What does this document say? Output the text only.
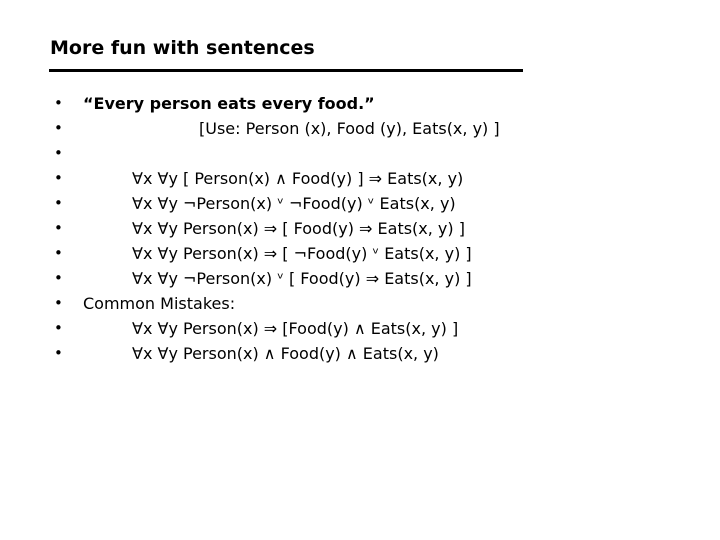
More fun with sentences
• “Every person eats every food.”
•	[Use: Person (x), Food (y), Eats(x, y) ]
•
•	∀x ∀y [ Person(x) ∧ Food(y) ] ⇒ Eats(x, y)
•	∀x ∀y ¬Person(x) ᵛ ¬Food(y) ᵛ Eats(x, y)
•	∀x ∀y Person(x) ⇒ [ Food(y) ⇒ Eats(x, y) ]
•	∀x ∀y Person(x) ⇒ [ ¬Food(y) ᵛ Eats(x, y) ]
•	∀x ∀y ¬Person(x) ᵛ [ Food(y) ⇒ Eats(x, y) ]
• Common Mistakes:
•	∀x ∀y Person(x) ⇒ [Food(y) ∧ Eats(x, y) ]
•	∀x ∀y Person(x) ∧ Food(y) ∧ Eats(x, y)
